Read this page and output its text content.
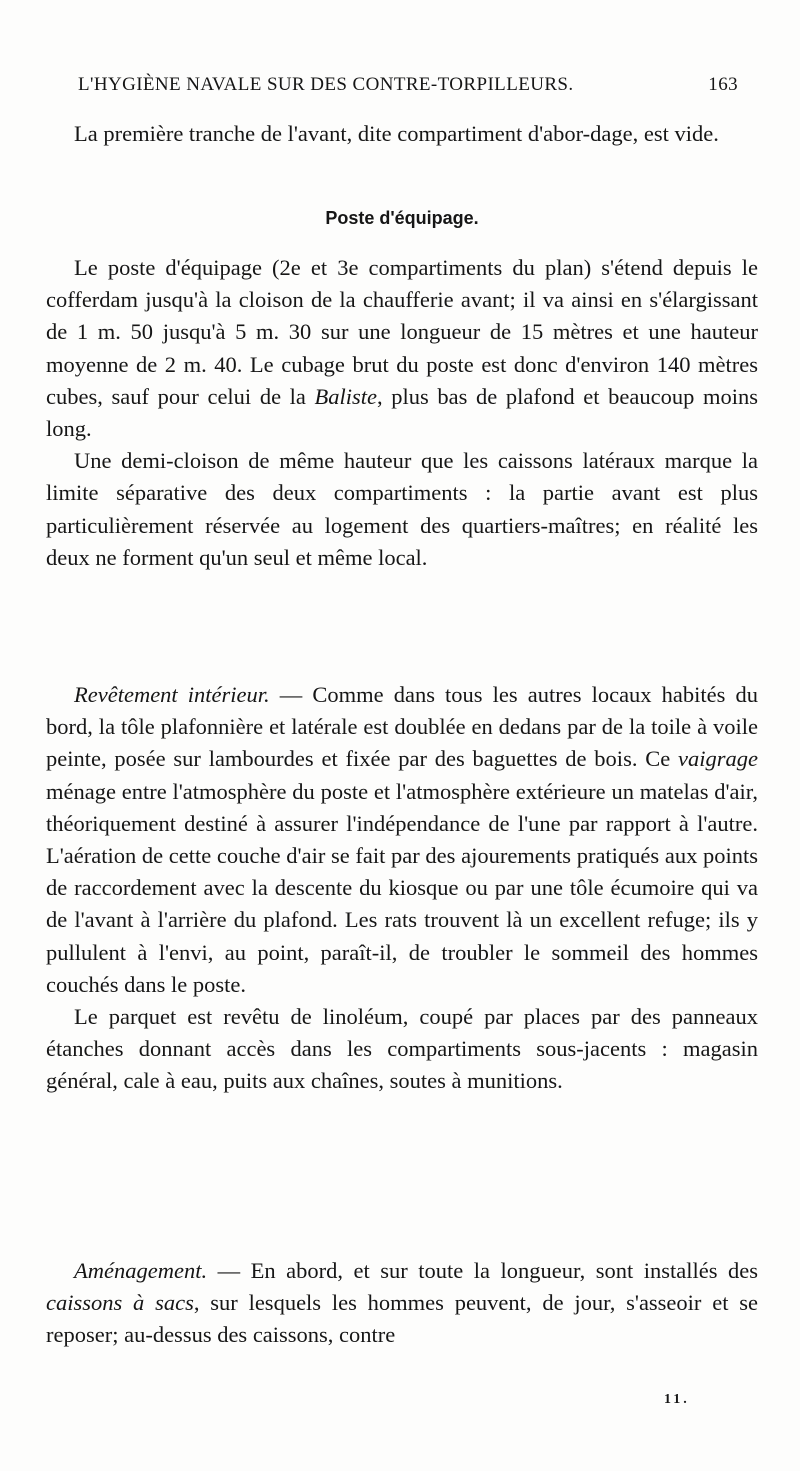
L'HYGIÈNE NAVALE SUR DES CONTRE-TORPILLEURS.	163

La première tranche de l'avant, dite compartiment d'abor-dage, est vide.

Poste d'équipage.

Le poste d'équipage (2e et 3e compartiments du plan) s'étend depuis le cofferdam jusqu'à la cloison de la chaufferie avant; il va ainsi en s'élargissant de 1 m. 50 jusqu'à 5 m. 30 sur une longueur de 15 mètres et une hauteur moyenne de 2 m. 40. Le cubage brut du poste est donc d'environ 140 mètres cubes, sauf pour celui de la Baliste, plus bas de plafond et beaucoup moins long.

Une demi-cloison de même hauteur que les caissons latéraux marque la limite séparative des deux compartiments : la partie avant est plus particulièrement réservée au logement des quartiers-maîtres; en réalité les deux ne forment qu'un seul et même local.

Revêtement intérieur. — Comme dans tous les autres locaux habités du bord, la tôle plafonnière et latérale est doublée en dedans par de la toile à voile peinte, posée sur lambourdes et fixée par des baguettes de bois. Ce vaigrage ménage entre l'atmosphère du poste et l'atmosphère extérieure un matelas d'air, théoriquement destiné à assurer l'indépendance de l'une par rapport à l'autre. L'aération de cette couche d'air se fait par des ajourements pratiqués aux points de raccordement avec la descente du kiosque ou par une tôle écumoire qui va de l'avant à l'arrière du plafond. Les rats trouvent là un excellent refuge; ils y pullulent à l'envi, au point, paraît-il, de troubler le sommeil des hommes couchés dans le poste.

Le parquet est revêtu de linoléum, coupé par places par des panneaux étanches donnant accès dans les compartiments sous-jacents : magasin général, cale à eau, puits aux chaînes, soutes à munitions.

Aménagement. — En abord, et sur toute la longueur, sont installés des caissons à sacs, sur lesquels les hommes peuvent, de jour, s'asseoir et se reposer; au-dessus des caissons, contre

11.
